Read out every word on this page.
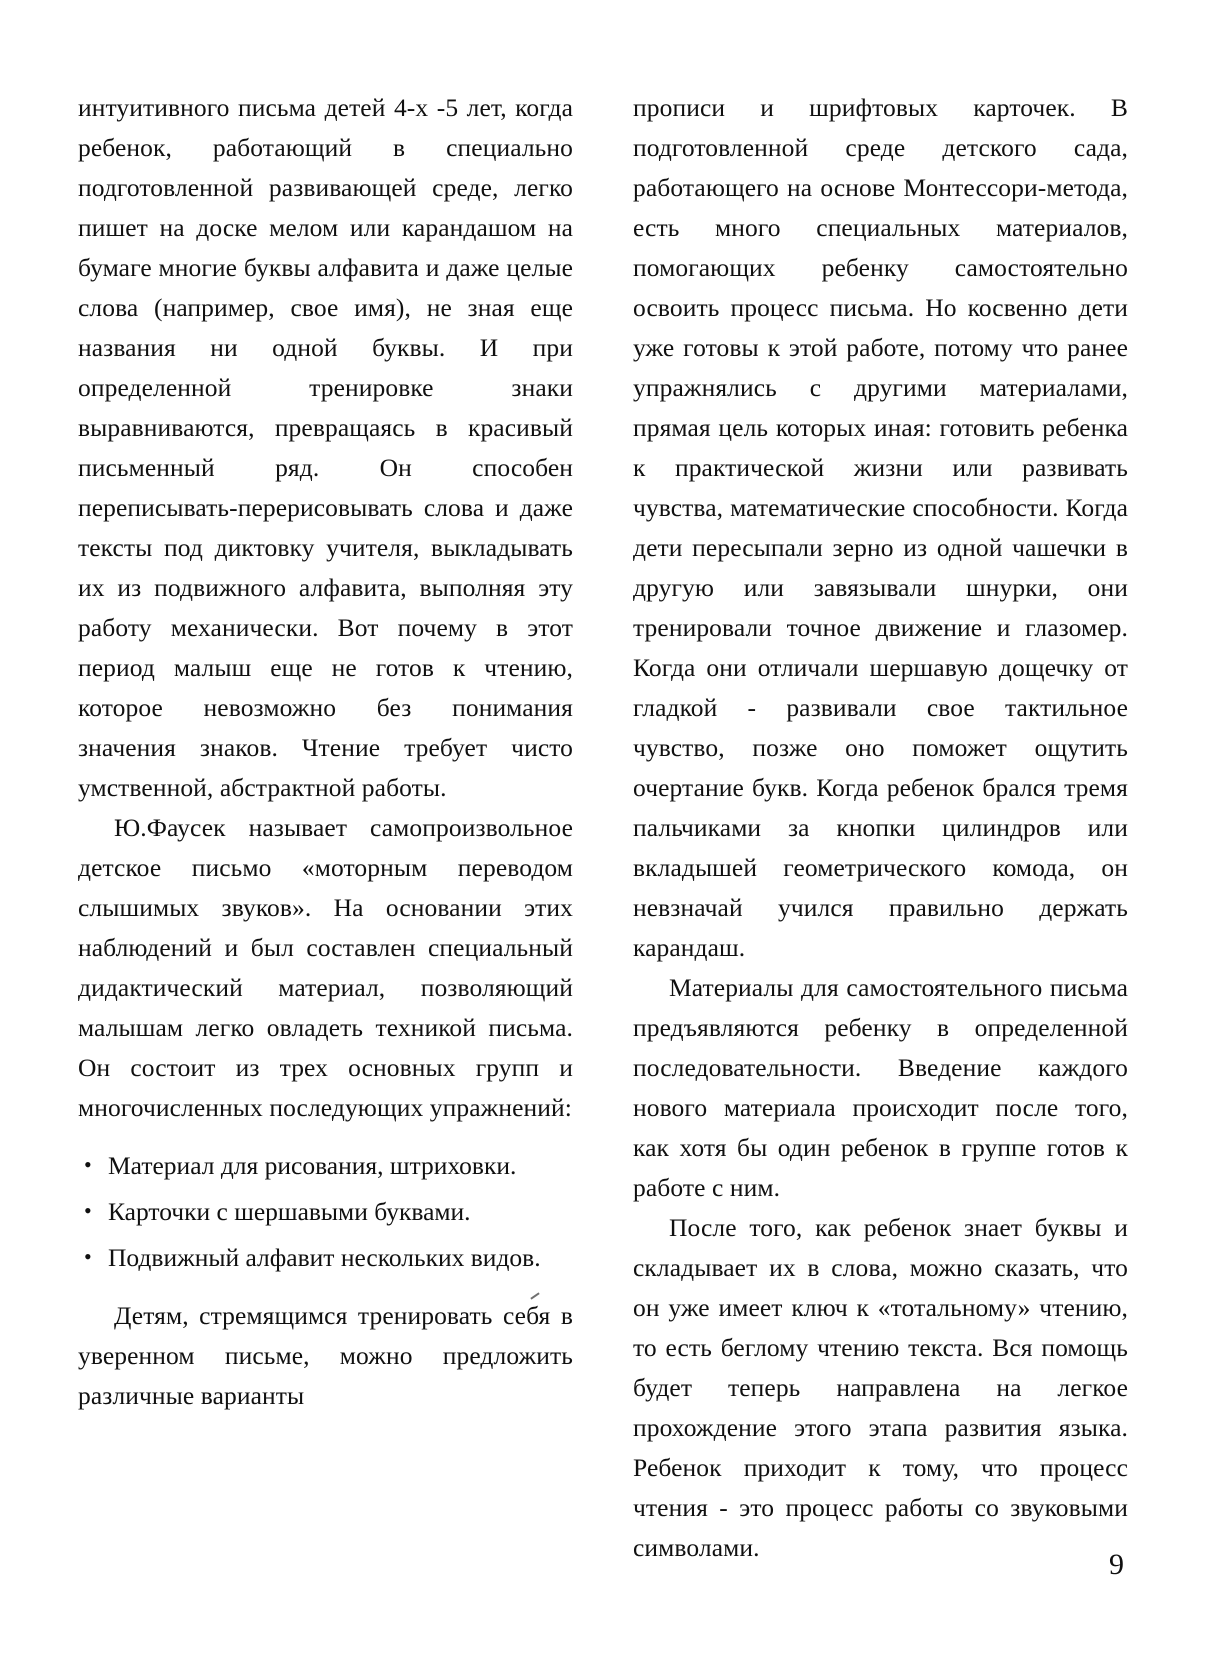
интуитивного письма детей 4-х -5 лет, когда ребенок, работающий в специально подготовленной развивающей среде, легко пишет на доске мелом или карандашом на бумаге многие буквы алфавита и даже целые слова (например, свое имя), не зная еще названия ни одной буквы. И при определенной тренировке знаки выравниваются, превращаясь в красивый письменный ряд. Он способен переписывать-перерисовывать слова и даже тексты под диктовку учителя, выкладывать их из подвижного алфавита, выполняя эту работу механически. Вот почему в этот период малыш еще не готов к чтению, которое невозможно без понимания значения знаков. Чтение требует чисто умственной, абстрактной работы.

Ю.Фаусек называет самопроизвольное детское письмо «моторным переводом слышимых звуков». На основании этих наблюдений и был составлен специальный дидактический материал, позволяющий малышам легко овладеть техникой письма. Он состоит из трех основных групп и многочисленных последующих упражнений:

• Материал для рисования, штриховки.
• Карточки с шершавыми буквами.
• Подвижный алфавит нескольких видов.

Детям, стремящимся тренировать себя в уверенном письме, можно предложить различные варианты

прописи и шрифтовых карточек. В подготовленной среде детского сада, работающего на основе Монтессори-метода, есть много специальных материалов, помогающих ребенку самостоятельно освоить процесс письма. Но косвенно дети уже готовы к этой работе, потому что ранее упражнялись с другими материалами, прямая цель которых иная: готовить ребенка к практической жизни или развивать чувства, математические способности. Когда дети пересыпали зерно из одной чашечки в другую или завязывали шнурки, они тренировали точное движение и глазомер. Когда они отличали шершавую дощечку от гладкой - развивали свое тактильное чувство, позже оно поможет ощутить очертание букв. Когда ребенок брался тремя пальчиками за кнопки цилиндров или вкладышей геометрического комода, он невзначай учился правильно держать карандаш.

Материалы для самостоятельного письма предъявляются ребенку в определенной последовательности. Введение каждого нового материала происходит после того, как хотя бы один ребенок в группе готов к работе с ним.

После того, как ребенок знает буквы и складывает их в слова, можно сказать, что он уже имеет ключ к «тотальному» чтению, то есть беглому чтению текста. Вся помощь будет теперь направлена на легкое прохождение этого этапа развития языка. Ребенок приходит к тому, что процесс чтения - это процесс работы со звуковыми символами.

9
